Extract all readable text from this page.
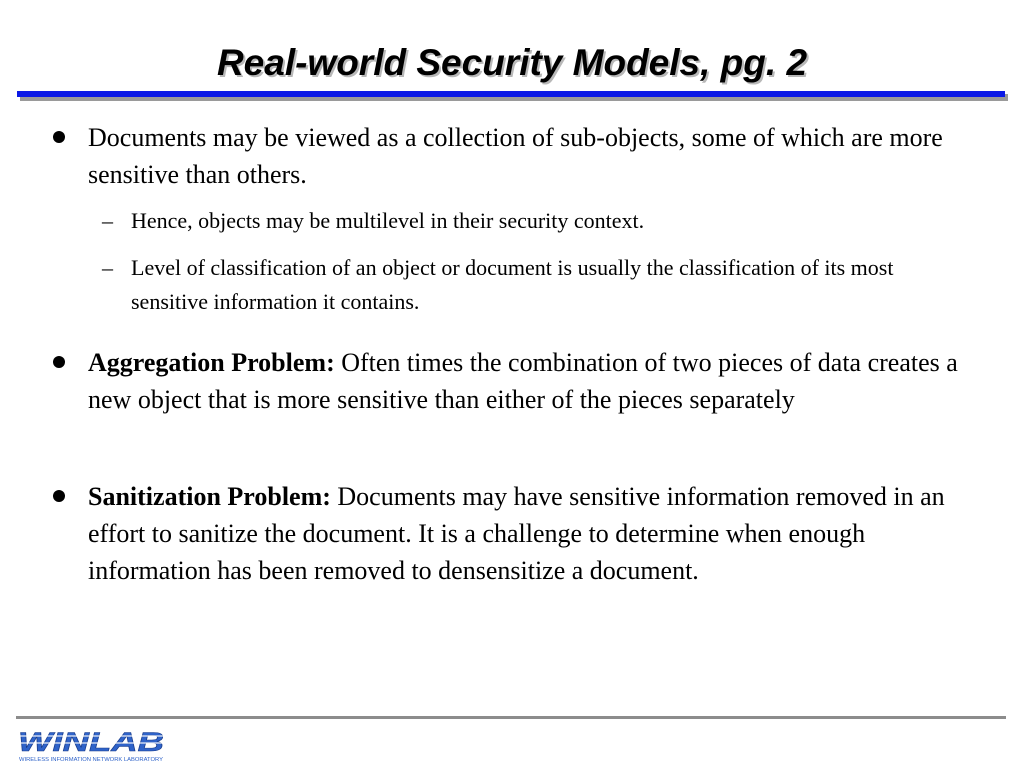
Real-world Security Models, pg. 2
Documents may be viewed as a collection of sub-objects, some of which are more sensitive than others.
– Hence, objects may be multilevel in their security context.
– Level of classification of an object or document is usually the classification of its most sensitive information it contains.
Aggregation Problem: Often times the combination of two pieces of data creates a new object that is more sensitive than either of the pieces separately
Sanitization Problem: Documents may have sensitive information removed in an effort to sanitize the document. It is a challenge to determine when enough information has been removed to densensitize a document.
WINLAB
WIRELESS INFORMATION NETWORK LABORATORY
